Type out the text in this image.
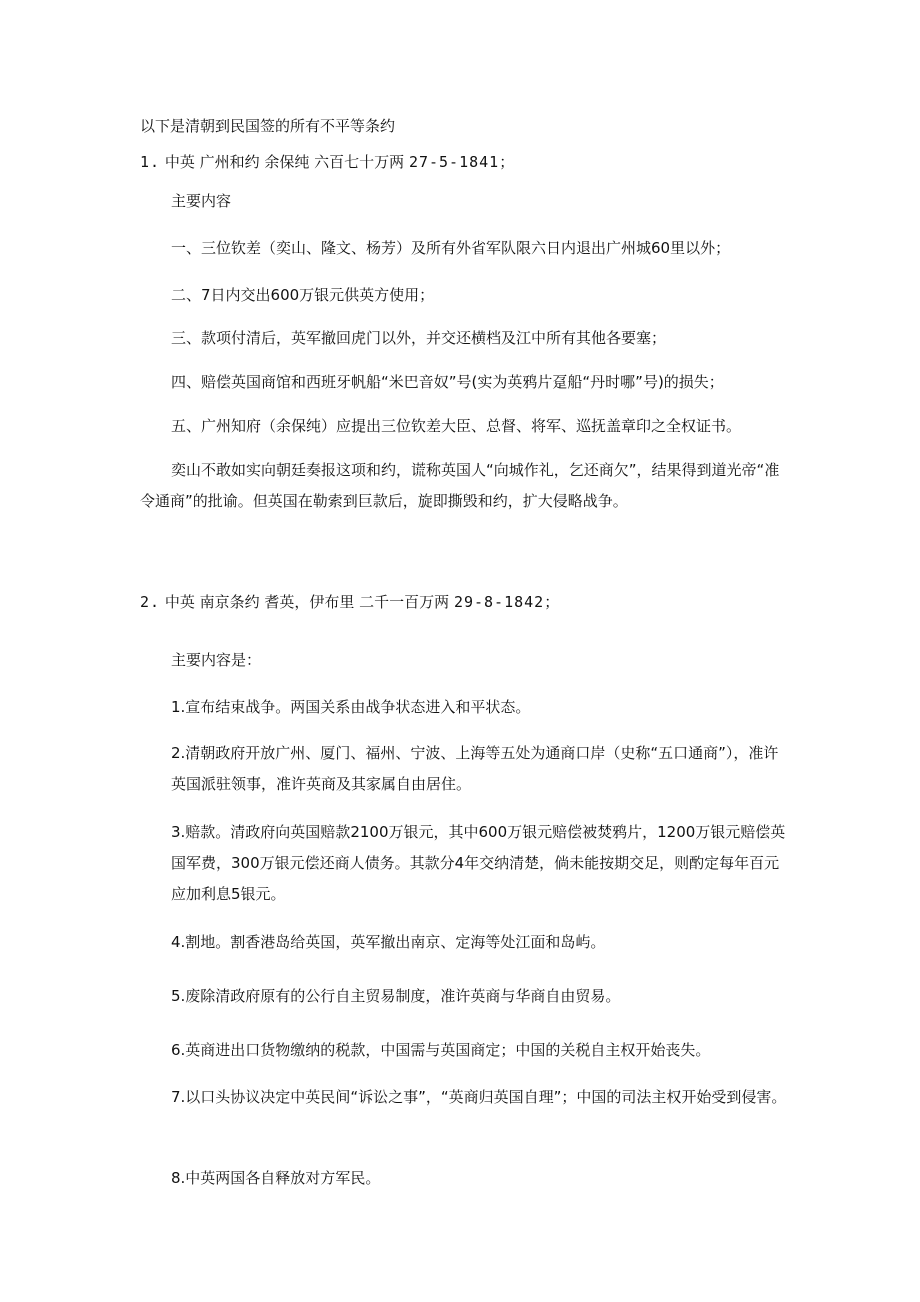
以下是清朝到民国签的所有不平等条约
1. 中英 广州和约 余保纯 六百七十万两 27-5-1841；
主要内容
一、三位钦差（奕山、隆文、杨芳）及所有外省军队限六日内退出广州城60里以外；
二、7日内交出600万银元供英方使用；
三、款项付清后，英军撤回虎门以外，并交还横档及江中所有其他各要塞；
四、赔偿英国商馆和西班牙帆船“米巴音奴”号(实为英鸦片趸船“丹时哪”号)的损失；
五、广州知府（余保纯）应提出三位钦差大臣、总督、将军、巡抚盖章印之全权证书。
奕山不敢如实向朝廷奏报这项和约，谎称英国人“向城作礼，乞还商欠”，结果得到道光帝“准令通商”的批谕。但英国在勒索到巨款后，旋即撕毁和约，扩大侵略战争。
2. 中英 南京条约 耆英，伊布里 二千一百万两 29-8-1842；
主要内容是：
1.宣布结束战争。两国关系由战争状态进入和平状态。
2.清朝政府开放广州、厦门、福州、宁波、上海等五处为通商口岸（史称“五口通商”），准许英国派驻领事，准许英商及其家属自由居住。
3.赔款。清政府向英国赔款2100万银元，其中600万银元赔偿被焚鸦片，1200万银元赔偿英国军费，300万银元偿还商人债务。其款分4年交纳清楚，倘未能按期交足，则酌定每年百元应加利息5银元。
4.割地。割香港岛给英国，英军撤出南京、定海等处江面和岛屿。
5.废除清政府原有的公行自主贸易制度，准许英商与华商自由贸易。
6.英商进出口货物缴纳的税款，中国需与英国商定；中国的关税自主权开始丧失。
7.以口头协议决定中英民间“诉讼之事”，“英商归英国自理”；中国的司法主权开始受到侵害。
8.中英两国各自释放对方军民。
